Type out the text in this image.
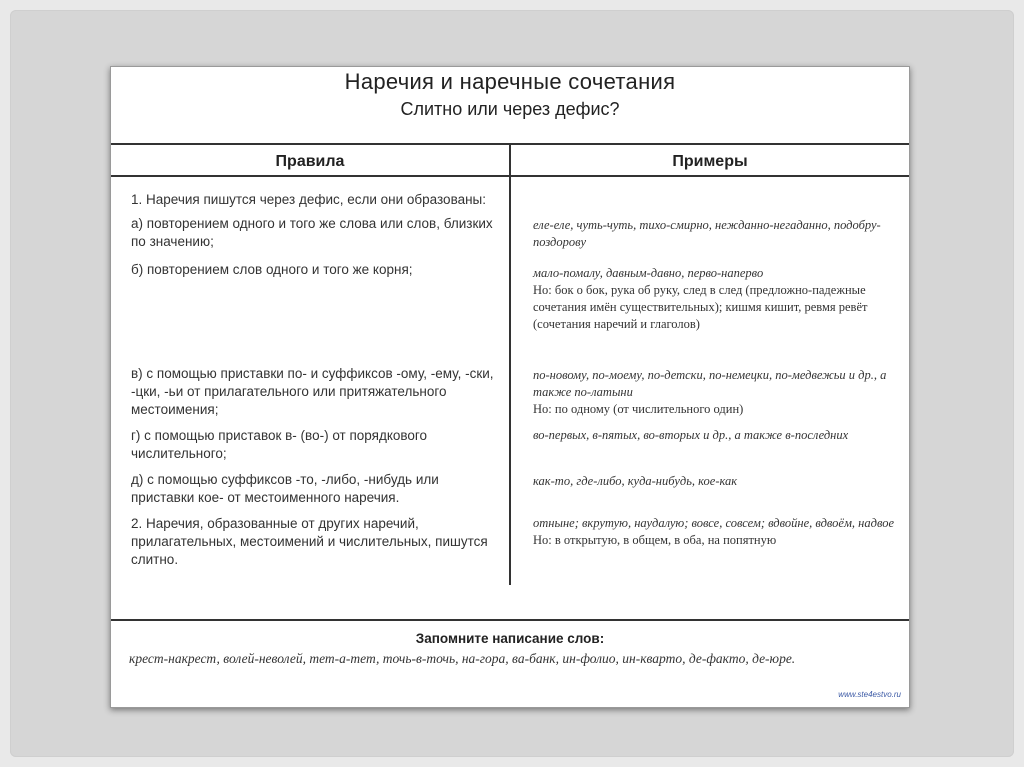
Наречия и наречные сочетания
Слитно или через дефис?
Правила	Примеры

1. Наречия пишутся через дефис, если они образованы:	

а) повторением одного и того же слова или слов, близких по значению;	еле-еле, чуть-чуть, тихо-смирно, нежданно-негаданно, подобру-поздорову

б) повторением слов одного и того же корня;	мало-помалу, давным-давно, перво-наперво
Но: бок о бок, рука об руку, след в след (предложно-падежные сочетания имён существительных); кишмя кишит, ревмя ревёт (сочетания наречий и глаголов)

в) с помощью приставки по- и суффиксов -ому, -ему, -ски, -цки, -ьи от прилагательного или притяжательного местоимения;	по-новому, по-моему, по-детски, по-немецки, по-медвежьи и др., а также по-латыни
Но: по одному (от числительного один)

г) с помощью приставок в- (во-) от порядкового числительного;	во-первых, в-пятых, во-вторых и др., а также в-последних

д) с помощью суффиксов -то, -либо, -нибудь или приставки кое- от местоименного наречия.	как-то, где-либо, куда-нибудь, кое-как

2. Наречия, образованные от других наречий, прилагательных, местоимений и числительных, пишутся слитно.	отныне; вкрутую, наудалую; вовсе, совсем; вдвойне, вдвоём, надвое
Но: в открытую, в общем, в оба, на попятную
Запомните написание слов:
крест-накрест, волей-неволей, тет-а-тет, точь-в-точь, на-гора, ва-банк, ин-фолио, ин-кварто, де-факто, де-юре.
www.ste4estvo.ru
